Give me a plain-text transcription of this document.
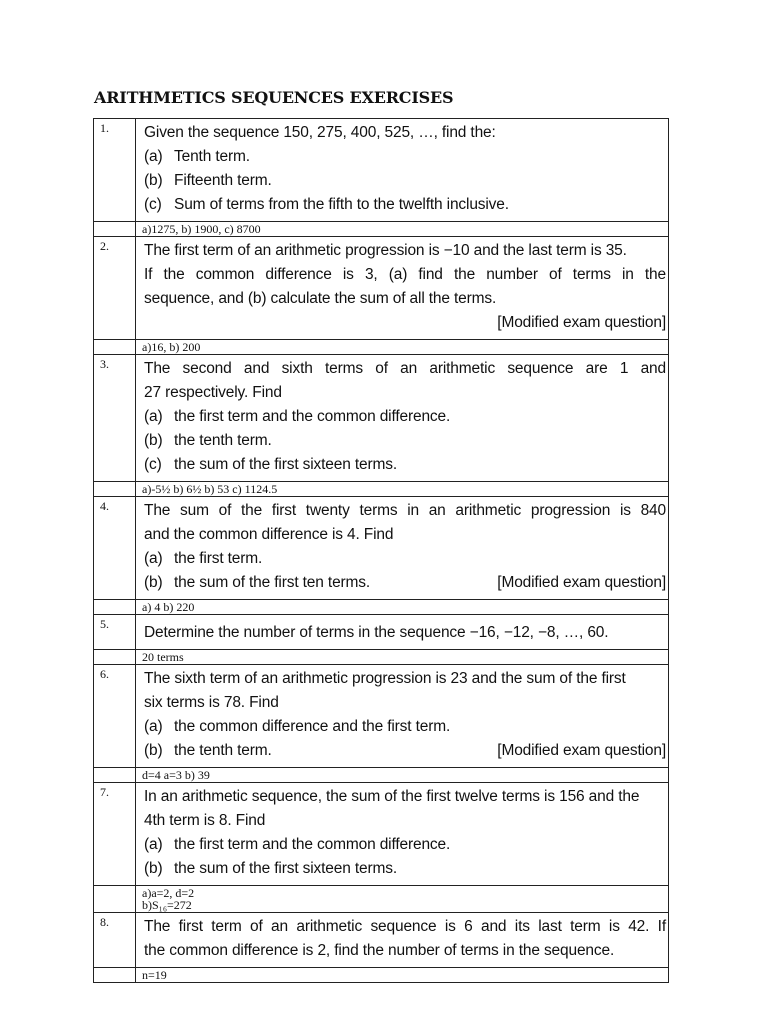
ARITHMETICS SEQUENCES EXERCISES
1.	Given the sequence 150, 275, 400, 525, …, find the:
(a) Tenth term.
(b) Fifteenth term.
(c) Sum of terms from the fifth to the twelfth inclusive.

	a)1275, b) 1900, c) 8700

2.	The first term of an arithmetic progression is −10 and the last term is 35.
If the common difference is 3, (a) find the number of terms in the
sequence, and (b) calculate the sum of all the terms.
[Modified exam question]

	a)16, b) 200

3.	The second and sixth terms of an arithmetic sequence are 1 and
27 respectively. Find
(a) the first term and the common difference.
(b) the tenth term.
(c) the sum of the first sixteen terms.

	a)-5½ b) 6½ b) 53 c) 1124.5

4.	The sum of the first twenty terms in an arithmetic progression is 840
and the common difference is 4. Find
(a) the first term.
(b) the sum of the first ten terms. [Modified exam question]

	a) 4 b) 220

5.	Determine the number of terms in the sequence −16, −12, −8, …, 60.

	20 terms

6.	The sixth term of an arithmetic progression is 23 and the sum of the first
six terms is 78. Find
(a) the common difference and the first term.
(b) the tenth term. [Modified exam question]

	d=4 a=3 b) 39

7.	In an arithmetic sequence, the sum of the first twelve terms is 156 and the
4th term is 8. Find
(a) the first term and the common difference.
(b) the sum of the first sixteen terms.

	a)a=2, d=2
b)S₁₆=272

8.	The first term of an arithmetic sequence is 6 and its last term is 42. If
the common difference is 2, find the number of terms in the sequence.

	n=19
